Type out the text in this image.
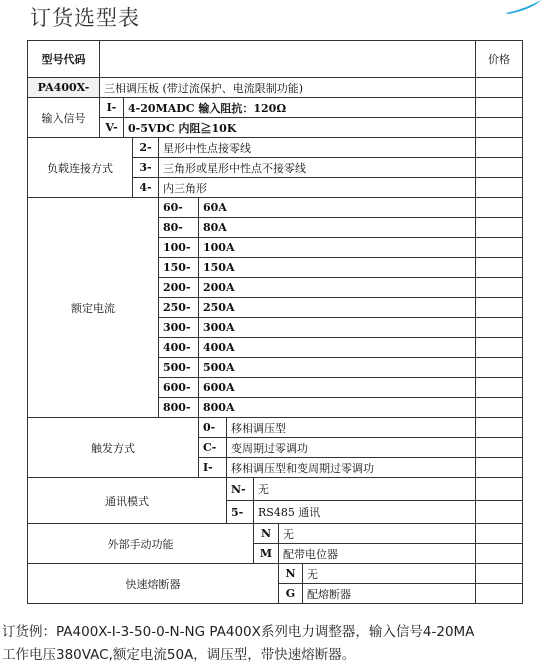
订货选型表
型号代码										价格
PA400X-	三相调压板 (带过流保护、电流限制功能)									
输入信号	I-	4-20MADC 输入阻抗：120Ω								
	V-	0-5VDC 内阻≧10K								
负载连接方式			2-	星形中性点接零线						
			3-	三角形或星形中性点不接零线						
			4-	内三角形						
额定电流				60-	60A					
				80-	80A					
				100-	100A					
				150-	150A					
				200-	200A					
				250-	250A					
				300-	300A					
				400-	400A					
				500-	500A					
				600-	600A					
				800-	800A					
触发方式					0-	移相调压型				
					C-	变周期过零调功				
					I-	移相调压型和变周期过零调功				
通讯模式						N-	无			
						5-	RS485 通讯			
外部手动功能							N	无		
							M	配带电位器		
快速熔断器								N	无	
								G	配熔断器	
订货例：PA400X-I-3-50-0-N-NG PA400X系列电力调整器，输入信号4-20MA
工作电压380VAC,额定电流50A，调压型，带快速熔断器。
